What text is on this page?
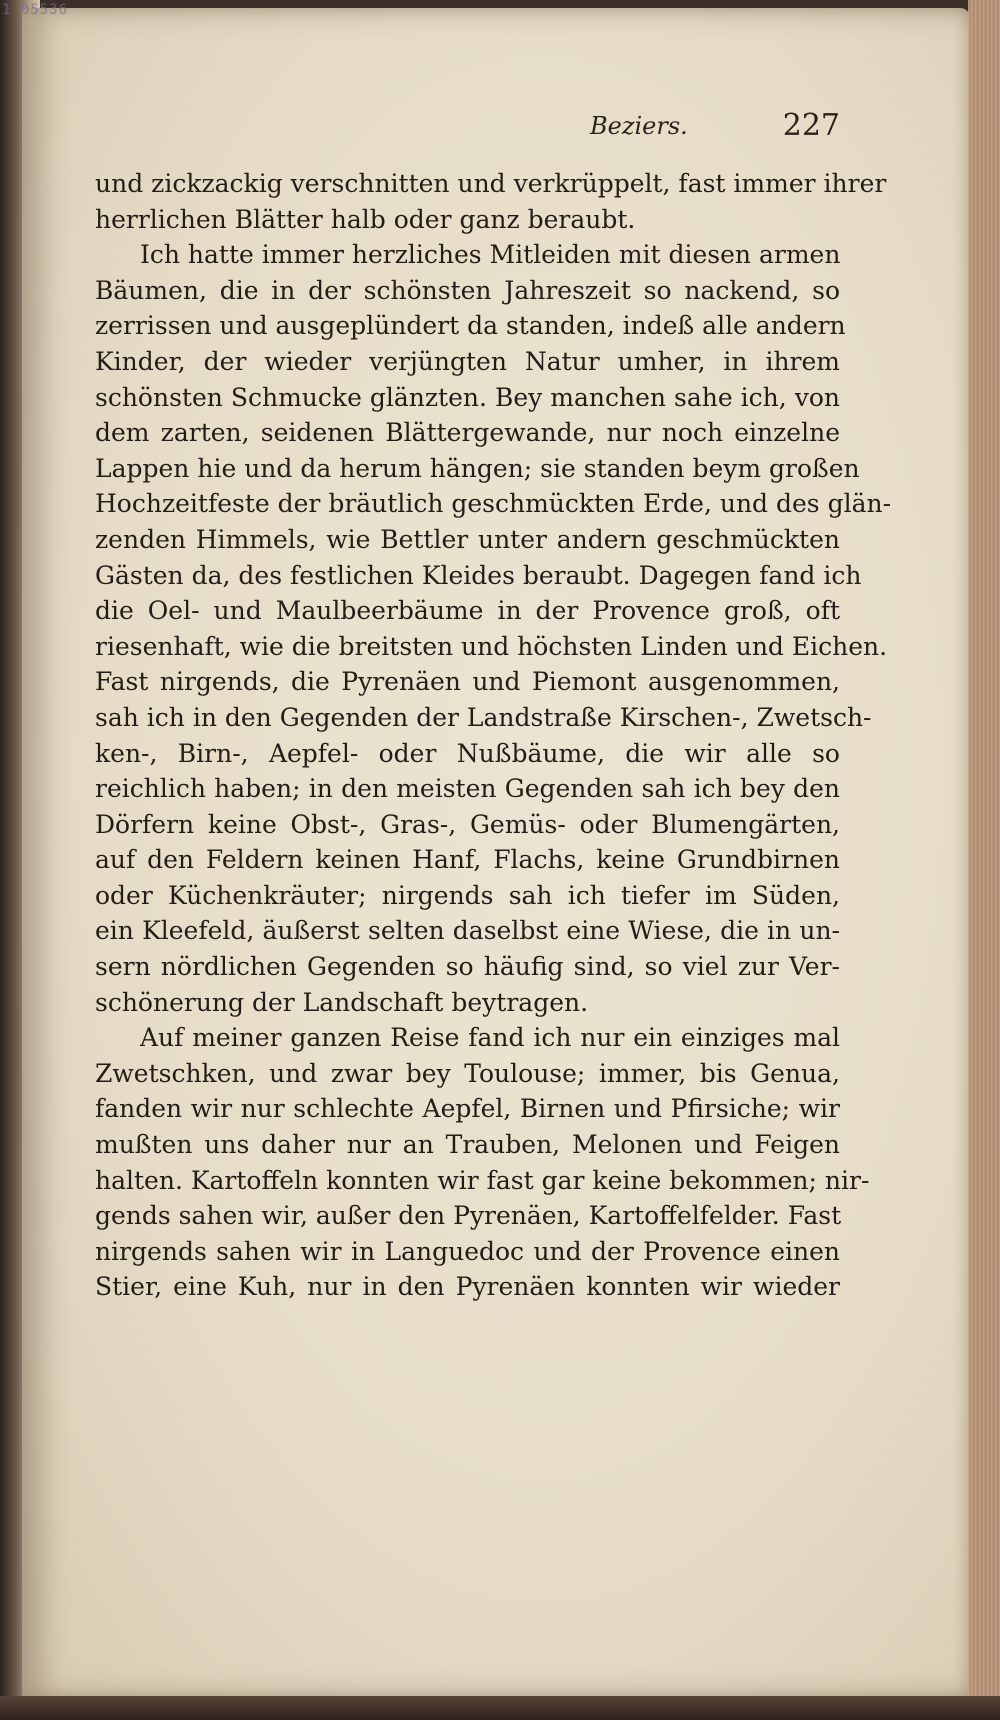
1 05536
Beziers.	227
und zickzackig verschnitten und verkrüppelt, fast immer ihrer
herrlichen Blätter halb oder ganz beraubt.
Ich hatte immer herzliches Mitleiden mit diesen armen
Bäumen, die in der schönsten Jahreszeit so nackend, so
zerrissen und ausgeplündert da standen, indeß alle andern
Kinder, der wieder verjüngten Natur umher, in ihrem
schönsten Schmucke glänzten. Bey manchen sahe ich, von
dem zarten, seidenen Blättergewande, nur noch einzelne
Lappen hie und da herum hängen; sie standen beym großen
Hochzeitfeste der bräutlich geschmückten Erde, und des glän-
zenden Himmels, wie Bettler unter andern geschmückten
Gästen da, des festlichen Kleides beraubt. Dagegen fand ich
die Oel- und Maulbeerbäume in der Provence groß, oft
riesenhaft, wie die breitsten und höchsten Linden und Eichen.
Fast nirgends, die Pyrenäen und Piemont ausgenommen,
sah ich in den Gegenden der Landstraße Kirschen-, Zwetsch-
ken-, Birn-, Aepfel- oder Nußbäume, die wir alle so
reichlich haben; in den meisten Gegenden sah ich bey den
Dörfern keine Obst-, Gras-, Gemüs- oder Blumengärten,
auf den Feldern keinen Hanf, Flachs, keine Grundbirnen
oder Küchenkräuter; nirgends sah ich tiefer im Süden,
ein Kleefeld, äußerst selten daselbst eine Wiese, die in un-
sern nördlichen Gegenden so häufig sind, so viel zur Ver-
schönerung der Landschaft beytragen.
Auf meiner ganzen Reise fand ich nur ein einziges mal
Zwetschken, und zwar bey Toulouse; immer, bis Genua,
fanden wir nur schlechte Aepfel, Birnen und Pfirsiche; wir
mußten uns daher nur an Trauben, Melonen und Feigen
halten. Kartoffeln konnten wir fast gar keine bekommen; nir-
gends sahen wir, außer den Pyrenäen, Kartoffelfelder. Fast
nirgends sahen wir in Languedoc und der Provence einen
Stier, eine Kuh, nur in den Pyrenäen konnten wir wieder
